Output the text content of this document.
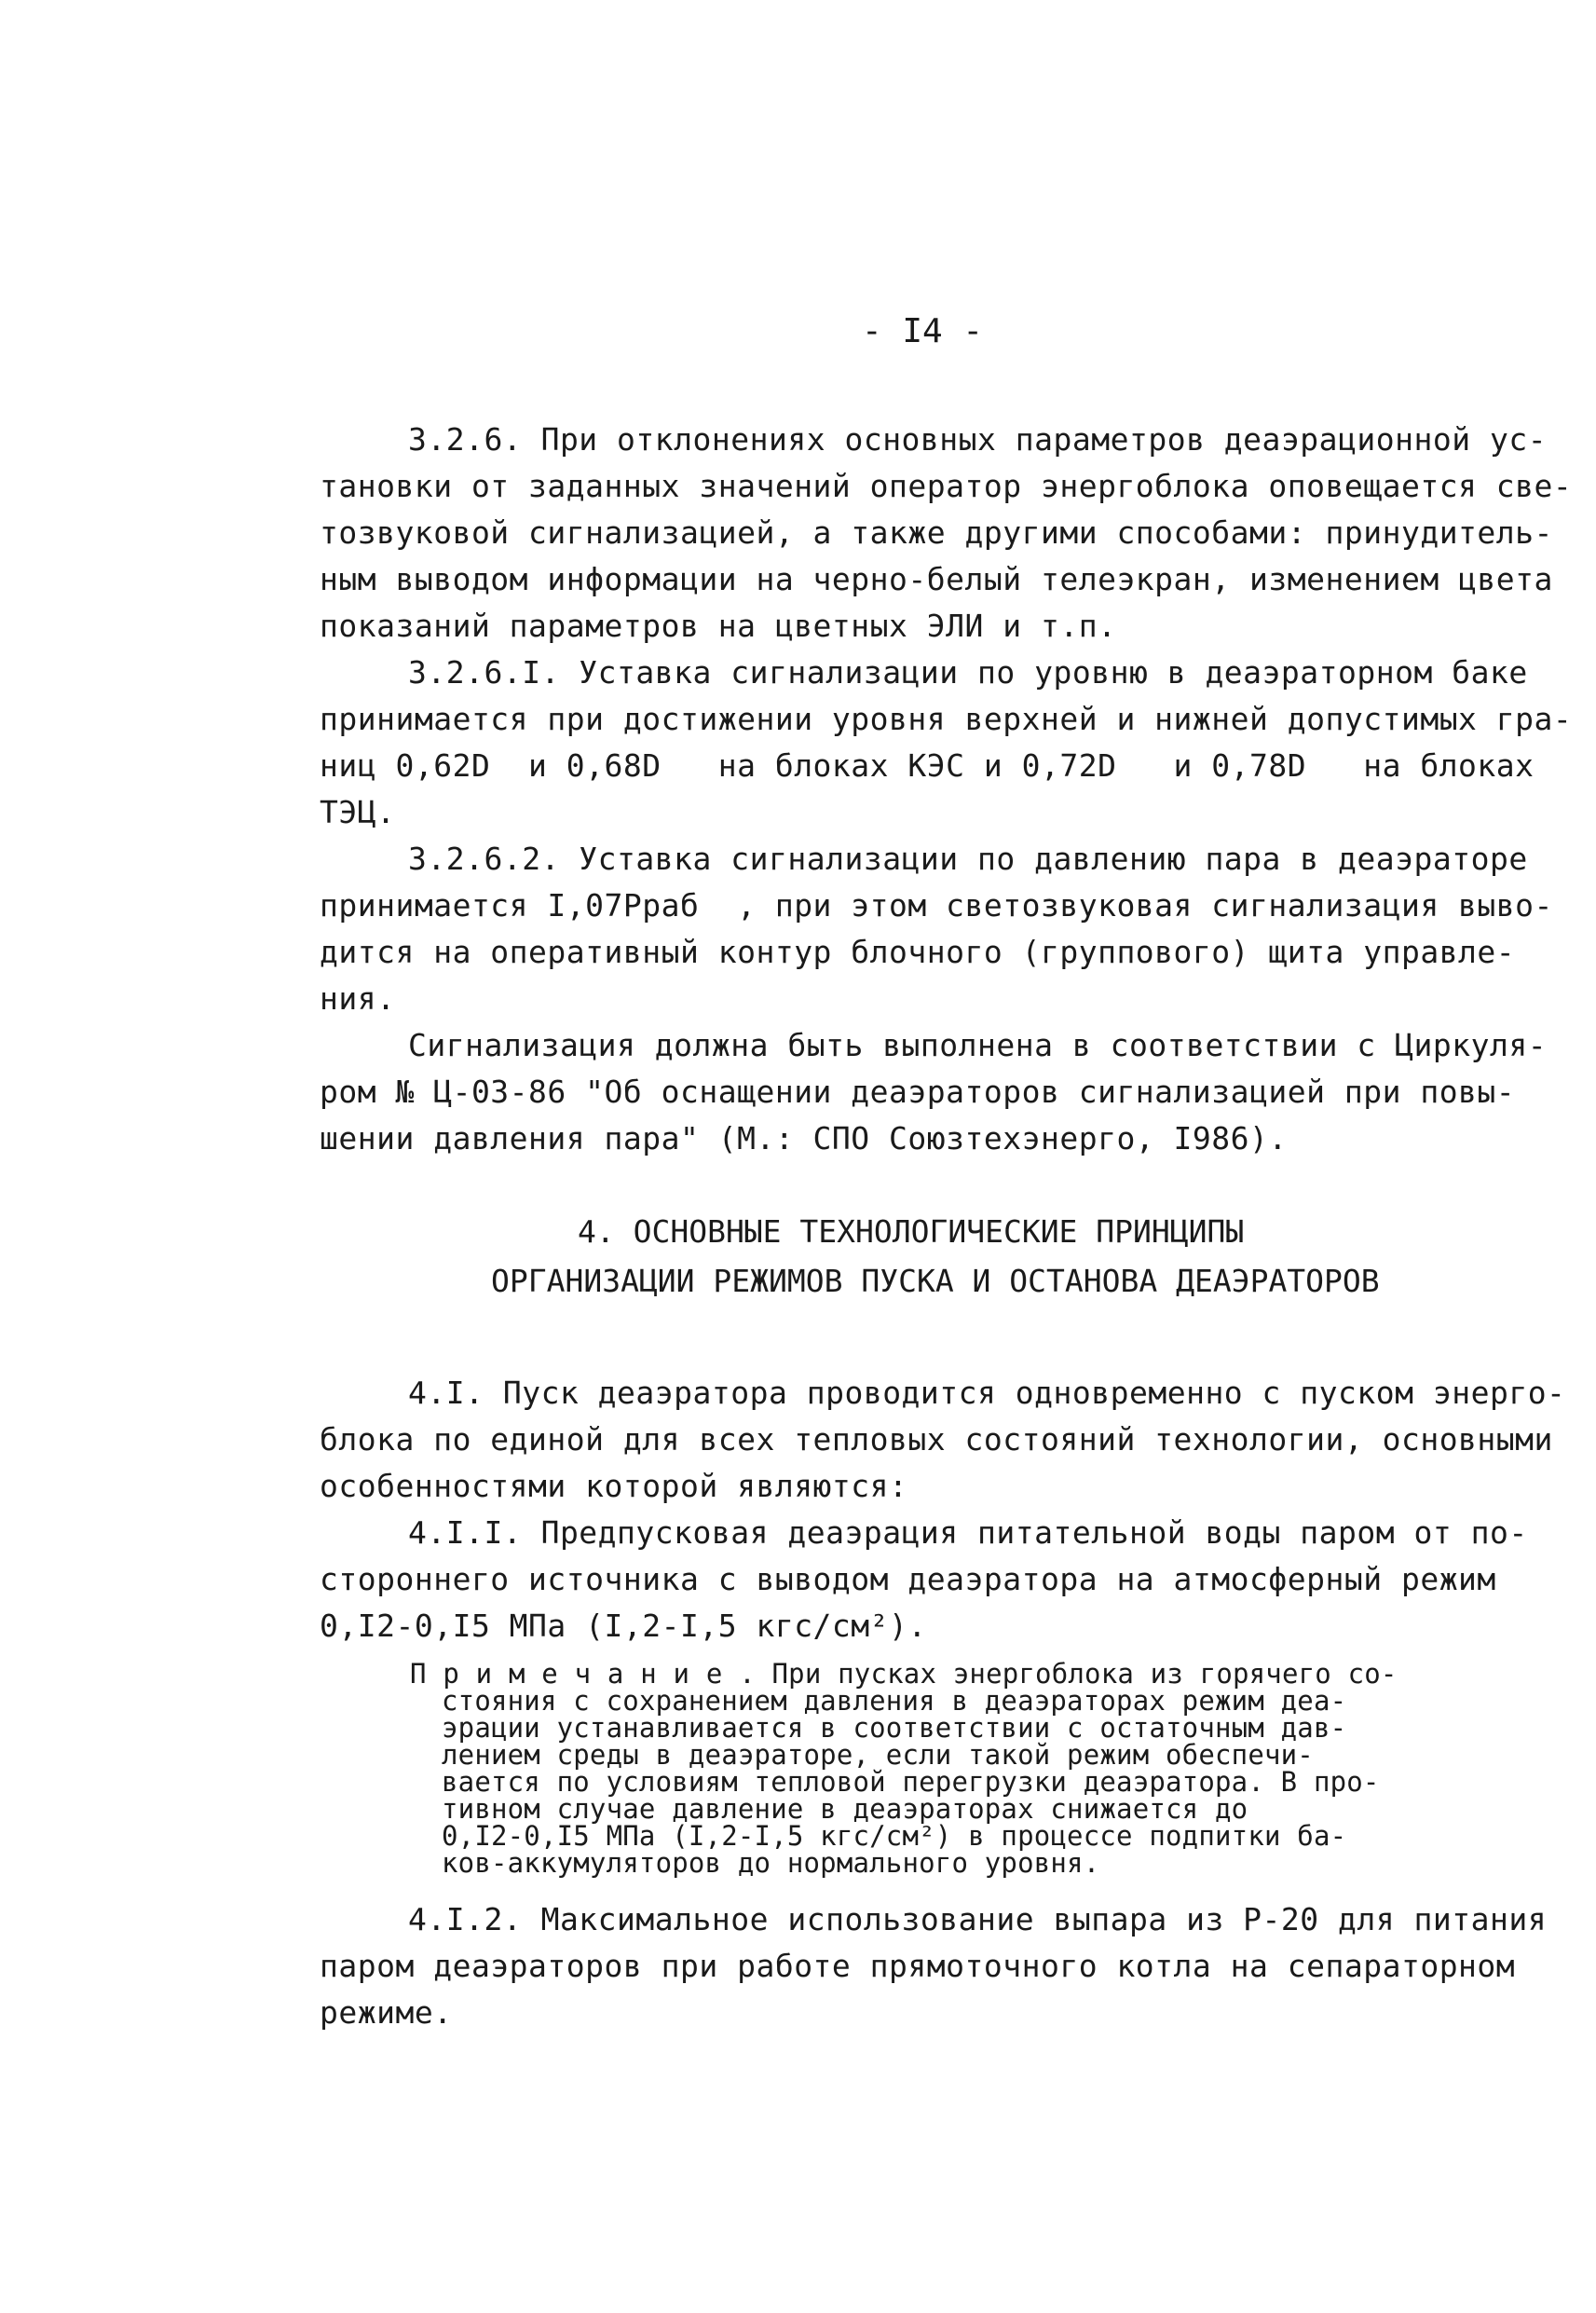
- I4 -
3.2.6. При отклонениях основных параметров деаэрационной ус-
тановки от заданных значений оператор энергоблока оповещается све-
тозвуковой сигнализацией, а также другими способами: принудитель-
ным выводом информации на черно-белый телеэкран, изменением цвета
показаний параметров на цветных ЭЛИ и т.п.
3.2.6.I. Уставка сигнализации по уровню в деаэраторном баке
принимается при достижении уровня верхней и нижней допустимых гра-
ниц 0,62D  и 0,68D   на блоках КЭС и 0,72D   и 0,78D   на блоках
ТЭЦ.
3.2.6.2. Уставка сигнализации по давлению пара в деаэраторе
принимается I,07Pраб  , при этом светозвуковая сигнализация выво-
дится на оперативный контур блочного (группового) щита управле-
ния.
Сигнализация должна быть выполнена в соответствии с Циркуля-
ром № Ц-03-86 "Об оснащении деаэраторов сигнализацией при повы-
шении давления пара" (М.: СПО Союзтехэнерго, I986).
4. ОСНОВНЫЕ ТЕХНОЛОГИЧЕСКИЕ ПРИНЦИПЫ
ОРГАНИЗАЦИИ РЕЖИМОВ ПУСКА И ОСТАНОВА ДЕАЭРАТОРОВ
4.I. Пуск деаэратора проводится одновременно с пуском энерго-
блока по единой для всех тепловых состояний технологии, основными
особенностями которой являются:
4.I.I. Предпусковая деаэрация питательной воды паром от по-
стороннего источника с выводом деаэратора на атмосферный режим
0,I2-0,I5 МПа (I,2-I,5 кгс/см²).
П р и м е ч а н и е . При пусках энергоблока из горячего со-
стояния с сохранением давления в деаэраторах режим деа-
эрации устанавливается в соответствии с остаточным дав-
лением среды в деаэраторе, если такой режим обеспечи-
вается по условиям тепловой перегрузки деаэратора. В про-
тивном случае давление в деаэраторах снижается до
0,I2-0,I5 МПа (I,2-I,5 кгс/см²) в процессе подпитки ба-
ков-аккумуляторов до нормального уровня.
4.I.2. Максимальное использование выпара из Р-20 для питания
паром деаэраторов при работе прямоточного котла на сепараторном
режиме.
